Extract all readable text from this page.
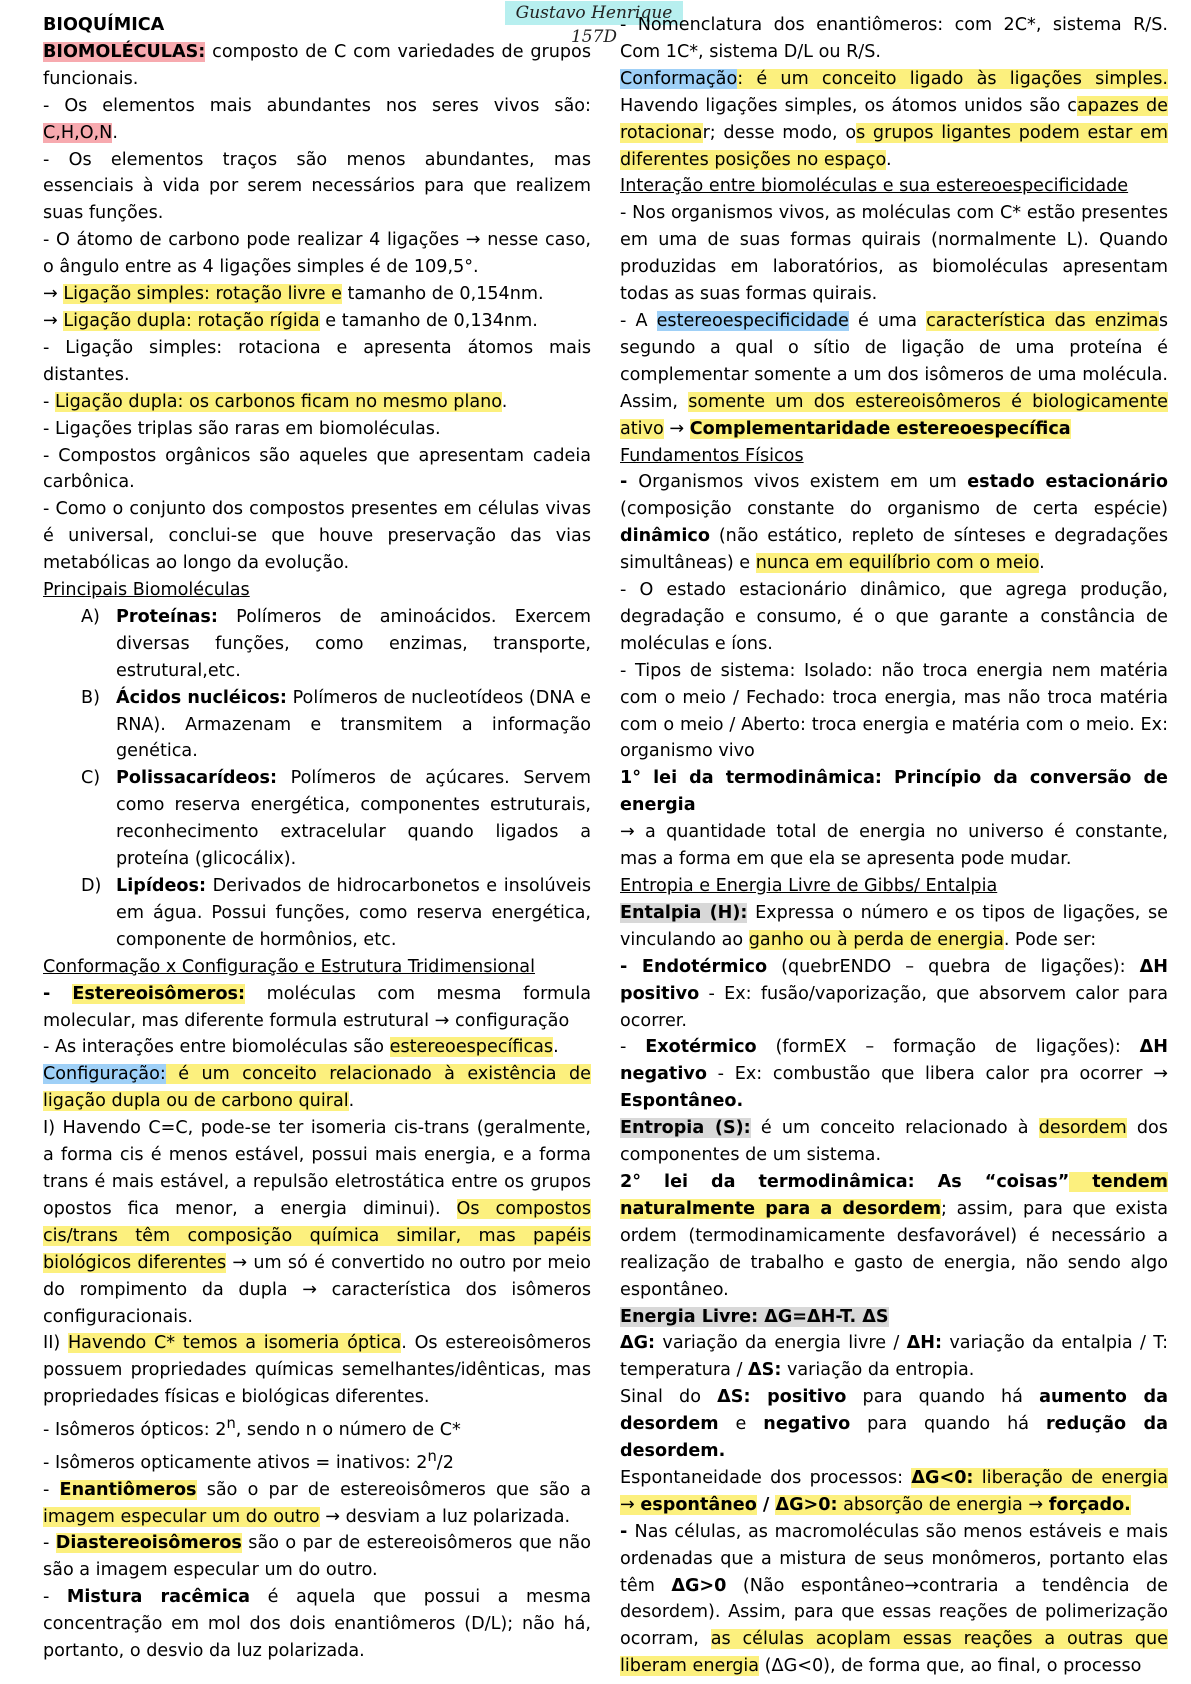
Gustavo Henrique 157D

BIOQUÍMICA

BIOMOLÉCULAS: composto de C com variedades de grupos funcionais.

- Os elementos mais abundantes nos seres vivos são: C,H,O,N.

- Os elementos traços são menos abundantes, mas essenciais à vida por serem necessários para que realizem suas funções.

- O átomo de carbono pode realizar 4 ligações → nesse caso, o ângulo entre as 4 ligações simples é de 109,5°.

→ Ligação simples: rotação livre e tamanho de 0,154nm.

→ Ligação dupla: rotação rígida e tamanho de 0,134nm.

- Ligação simples: rotaciona e apresenta átomos mais distantes.

- Ligação dupla: os carbonos ficam no mesmo plano.

- Ligações triplas são raras em biomoléculas.

- Compostos orgânicos são aqueles que apresentam cadeia carbônica.

- Como o conjunto dos compostos presentes em células vivas é universal, conclui-se que houve preservação das vias metabólicas ao longo da evolução.

Principais Biomoléculas

A) Proteínas: Polímeros de aminoácidos. Exercem diversas funções, como enzimas, transporte, estrutural,etc.
B) Ácidos nucléicos: Polímeros de nucleotídeos (DNA e RNA). Armazenam e transmitem a informação genética.
C) Polissacarídeos: Polímeros de açúcares. Servem como reserva energética, componentes estruturais, reconhecimento extracelular quando ligados a proteína (glicocálix).
D) Lipídeos: Derivados de hidrocarbonetos e insolúveis em água. Possui funções, como reserva energética, componente de hormônios, etc.

Conformação x Configuração e Estrutura Tridimensional

- Estereoisômeros: moléculas com mesma formula molecular, mas diferente formula estrutural → configuração

- As interações entre biomoléculas são estereoespecíficas.

Configuração: é um conceito relacionado à existência de ligação dupla ou de carbono quiral.

I) Havendo C=C, pode-se ter isomeria cis-trans (geralmente, a forma cis é menos estável, possui mais energia, e a forma trans é mais estável, a repulsão eletrostática entre os grupos opostos fica menor, a energia diminui). Os compostos cis/trans têm composição química similar, mas papéis biológicos diferentes → um só é convertido no outro por meio do rompimento da dupla → característica dos isômeros configuracionais.

II) Havendo C* temos a isomeria óptica. Os estereoisômeros possuem propriedades químicas semelhantes/idênticas, mas propriedades físicas e biológicas diferentes.

- Isômeros ópticos: 2$^n$, sendo n o número de C*

- Isômeros opticamente ativos = inativos: 2$^n$/2

- Enantiômeros são o par de estereoisômeros que são a imagem especular um do outro → desviam a luz polarizada.

- Diastereoisômeros são o par de estereoisômeros que não são a imagem especular um do outro.

- Mistura racêmica é aquela que possui a mesma concentração em mol dos dois enantiômeros (D/L); não há, portanto, o desvio da luz polarizada.

- Nomenclatura dos enantiômeros: com 2C*, sistema R/S. Com 1C*, sistema D/L ou R/S.

Conformação: é um conceito ligado às ligações simples. Havendo ligações simples, os átomos unidos são capazes de rotacionar; desse modo, os grupos ligantes podem estar em diferentes posições no espaço.

Interação entre biomoléculas e sua estereoespecificidade

- Nos organismos vivos, as moléculas com C* estão presentes em uma de suas formas quirais (normalmente L). Quando produzidas em laboratórios, as biomoléculas apresentam todas as suas formas quirais.

- A estereoespecificidade é uma característica das enzimas segundo a qual o sítio de ligação de uma proteína é complementar somente a um dos isômeros de uma molécula. Assim, somente um dos estereoisômeros é biologicamente ativo → Complementaridade estereoespecífica

Fundamentos Físicos

- Organismos vivos existem em um estado estacionário (composição constante do organismo de certa espécie) dinâmico (não estático, repleto de sínteses e degradações simultâneas) e nunca em equilíbrio com o meio.

- O estado estacionário dinâmico, que agrega produção, degradação e consumo, é o que garante a constância de moléculas e íons.

- Tipos de sistema: Isolado: não troca energia nem matéria com o meio / Fechado: troca energia, mas não troca matéria com o meio / Aberto: troca energia e matéria com o meio. Ex: organismo vivo

1° lei da termodinâmica: Princípio da conversão de energia

→ a quantidade total de energia no universo é constante, mas a forma em que ela se apresenta pode mudar.

Entropia e Energia Livre de Gibbs/ Entalpia

Entalpia (H): Expressa o número e os tipos de ligações, se vinculando ao ganho ou à perda de energia. Pode ser:

- Endotérmico (quebrENDO – quebra de ligações): ΔH positivo - Ex: fusão/vaporização, que absorvem calor para ocorrer.

- Exotérmico (formEX – formação de ligações): ΔH negativo - Ex: combustão que libera calor pra ocorrer → Espontâneo.

Entropia (S): é um conceito relacionado à desordem dos componentes de um sistema.

2° lei da termodinâmica: As “coisas” tendem naturalmente para a desordem; assim, para que exista ordem (termodinamicamente desfavorável) é necessário a realização de trabalho e gasto de energia, não sendo algo espontâneo.

Energia Livre: ΔG=ΔH-T. ΔS

ΔG: variação da energia livre / ΔH: variação da entalpia / T: temperatura / ΔS: variação da entropia.

Sinal do ΔS: positivo para quando há aumento da desordem e negativo para quando há redução da desordem.

Espontaneidade dos processos: ΔG<0: liberação de energia → espontâneo / ΔG>0: absorção de energia → forçado.

- Nas células, as macromoléculas são menos estáveis e mais ordenadas que a mistura de seus monômeros, portanto elas têm ΔG>0 (Não espontâneo→contraria a tendência de desordem). Assim, para que essas reações de polimerização ocorram, as células acoplam essas reações a outras que liberam energia (ΔG<0), de forma que, ao final, o processo
